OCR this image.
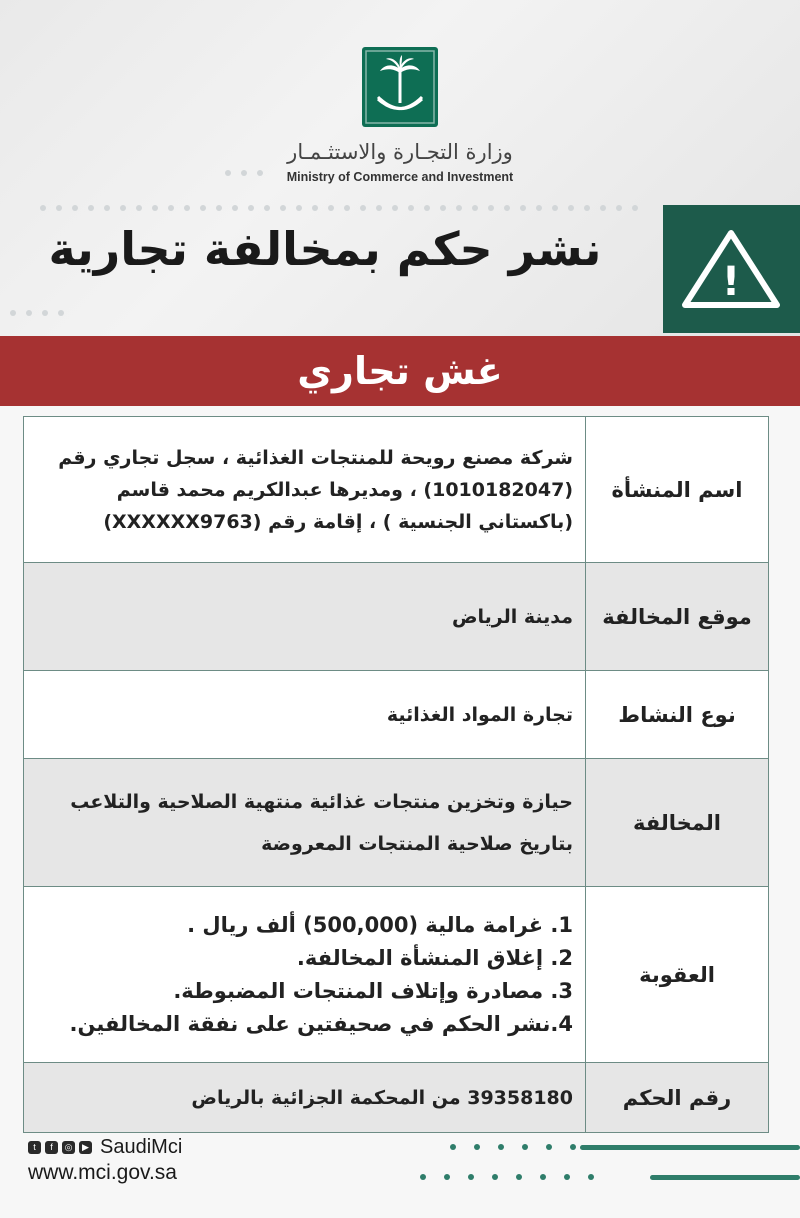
وزارة التجـارة والاستثـمـار
Ministry of Commerce and Investment
!
نشر حكم بمخالفة تجارية
غش تجاري
اسم المنشأة	شركة مصنع رويحة للمنتجات الغذائية ، سجل تجاري رقم (1010182047) ، ومديرها عبدالكريم محمد قاسم (باكستاني الجنسية ) ، إقامة رقم (XXXXXX9763)
موقع المخالفة	مدينة الرياض
نوع النشاط	تجارة المواد الغذائية
المخالفة	حيازة وتخزين منتجات غذائية منتهية الصلاحية والتلاعب بتاريخ صلاحية المنتجات المعروضة
العقوبة	1. غرامة مالية (500,000) ألف ريال .
2. إغلاق المنشأة المخالفة.
3. مصادرة وإتلاف المنتجات المضبوطة.
4.نشر الحكم في صحيفتين على نفقة المخالفين.

رقم الحكم	39358180 من المحكمة الجزائية بالرياض
t	f	◎	▶ SaudiMci
www.mci.gov.sa
